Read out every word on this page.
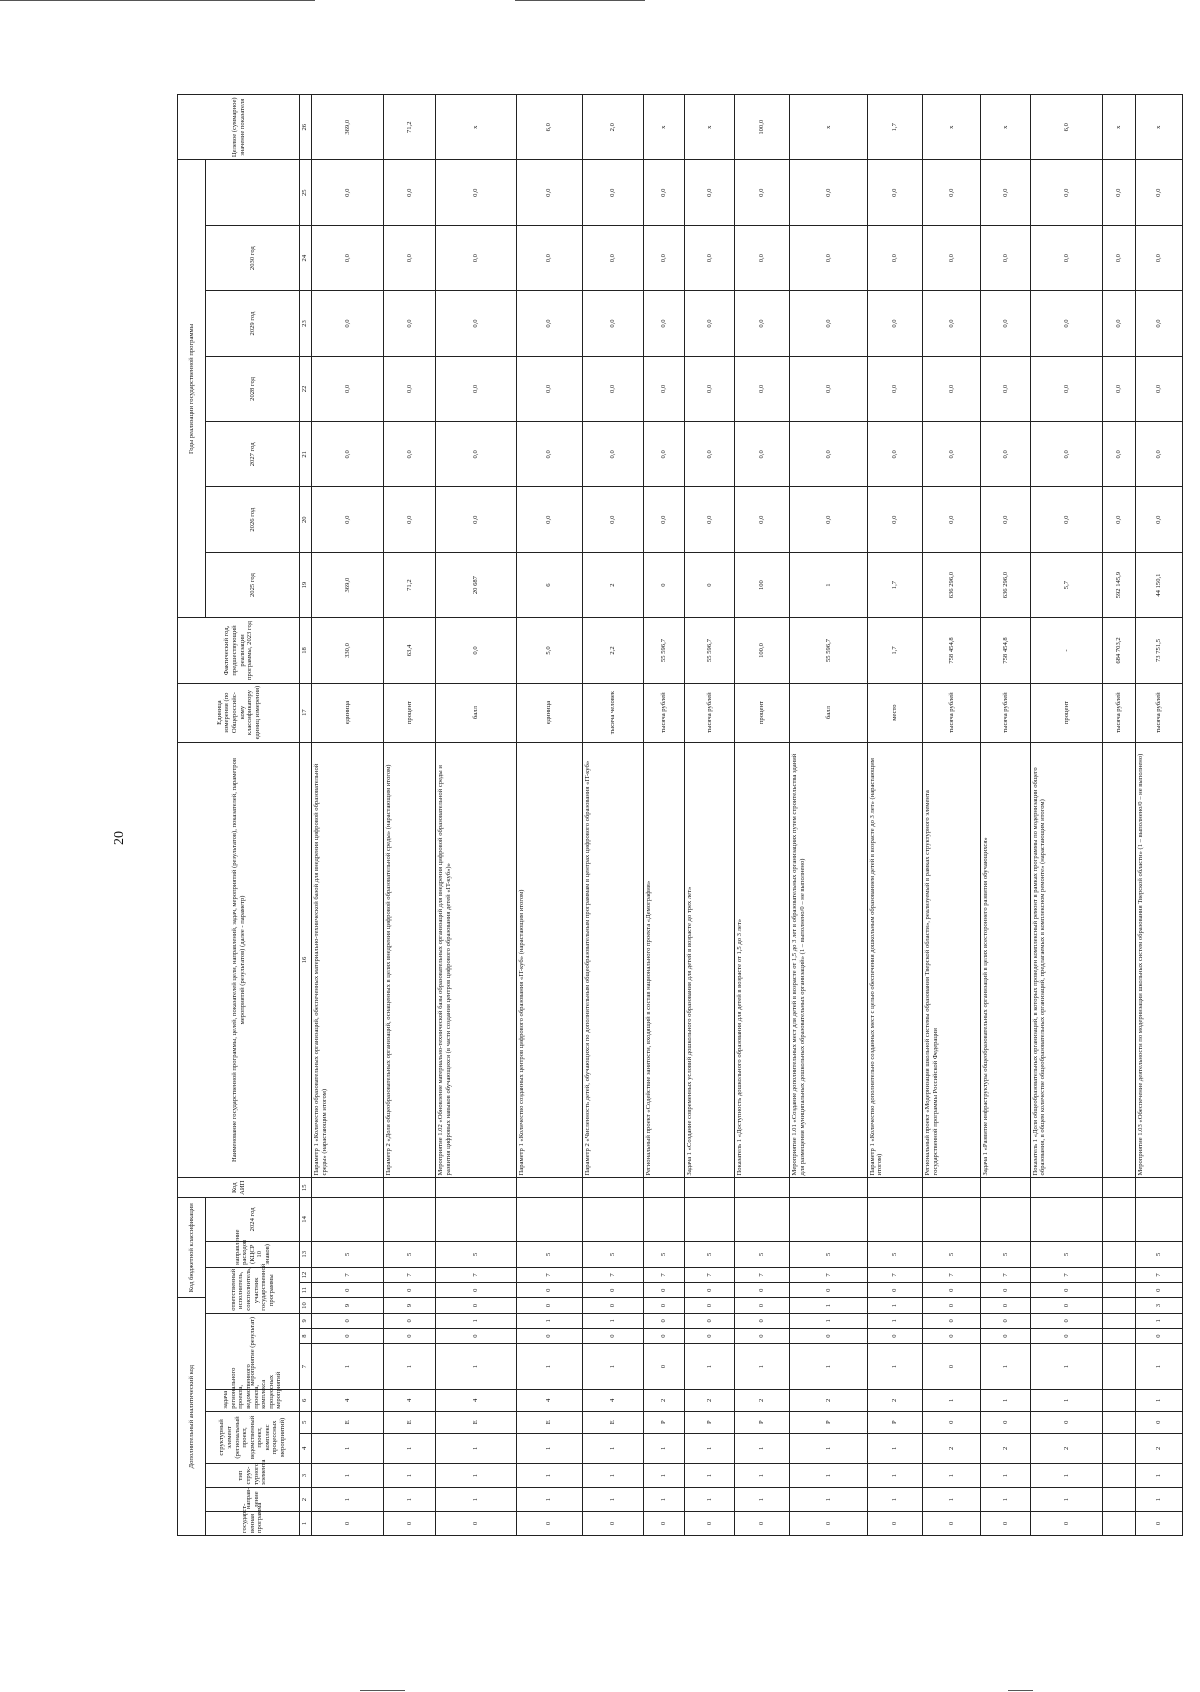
20
Дополнительный аналитический код										Код бюджетной классификации				Код АИП	Наименование государственной программы, целей, показателей цели, направлений, задач, мероприятий (результатов), показателей, параметров мероприятий (результатов) (далее - параметр)	Единица измерения (по Общероссийс-кому классификатору единиц измерения)	Фактический год, предшествующий реализации программы, 2023 год	Годы реализации государственной программы							Целевое (суммарное) значение показателя
государст-венная программа	направ-ление	тип струк-турного элемента	структурный элемент (региональный проект, ведомственный проект, комплекс процессных мероприятий)		задача регионального проекта, ведомственного проекта, комплекса процессных мероприятий	мероприятие (результат)			ответственный исполнитель, соисполнитель, участник государственной программы			направление расходов (КЦСР 10 знаков)	2024 год					2025 год	2026 год	2027 год	2028 год	2029 год	2030 год		

1	2	3	4	5	6	7	8	9	10	11	12	13	14	15	16	17	18	19	20	21	22	23	24	25	26
0	1	1	1	Е	4	1	0	0	9	0	7	5			Параметр 1 «Количество образовательных организаций, обеспеченных материально-технической базой для внедрения цифровой образовательной среды» (нарастающим итогом)	единица	330,0	369,0	0,0	0,0	0,0	0,0	0,0	0,0	369,0
0	1	1	1	Е	4	1	0	0	9	0	7	5			Параметр 2 «Доля общеобразовательных организаций, оснащенных в целях внедрения цифровой образовательной среды» (нарастающим итогом)	процент	63,4	71,2	0,0	0,0	0,0	0,0	0,0	0,0	71,2
0	1	1	1	Е	4	1	0	1	0	0	7	5			Мероприятие 1.02 «Обновление материально-технической базы образовательных организаций для внедрения цифровой образовательной среды и развития цифровых навыков обучающихся (в части создания центров цифрового образования детей «IT-куб»)»	балл	0,0	20 687	0,0	0,0	0,0	0,0	0,0	0,0	х
0	1	1	1	Е	4	1	0	1	0	0	7	5			Параметр 1 «Количество созданных центров цифрового образования «IT-куб» (нарастающим итогом)	единица	5,0	6	0,0	0,0	0,0	0,0	0,0	0,0	6,0
0	1	1	1	Е	4	1	0	1	0	0	7	5			Параметр 2 «Численность детей, обучающихся по дополнительным общеобразовательным программам в центрах цифрового образования «IT-куб»	тысяча человек	2,2	2	0,0	0,0	0,0	0,0	0,0	0,0	2,0
0	1	1	1	Р	2	0	0	0	0	0	7	5			Региональный проект «Содействие занятости, входящий в состав национального проекта «Демография»	тысяча рублей	55 596,7	0	0,0	0,0	0,0	0,0	0,0	0,0	х
0	1	1	1	Р	2	1	0	0	0	0	7	5			Задача 1 «Создание современных условий дошкольного образования для детей в возрасте до трех лет»	тысяча рублей	55 596,7	0	0,0	0,0	0,0	0,0	0,0	0,0	х
0	1	1	1	Р	2	1	0	0	0	0	7	5			Показатель 1 «Доступность дошкольного образования для детей в возрасте от 1,5 до 3 лет»	процент	100,0	100	0,0	0,0	0,0	0,0	0,0	0,0	100,0
0	1	1	1	Р	2	1	0	1	1	0	7	5			Мероприятие 1.01 «Создание дополнительных мест для детей в возрасте от 1,5 до 3 лет в образовательных организациях путем строительства зданий для размещения муниципальных дошкольных образовательных организаций» (1 – выполнено/0 – не выполнено)	балл	55 596,7	1	0,0	0,0	0,0	0,0	0,0	0,0	х
0	1	1	1	Р	2	1	0	1	1	0	7	5			Параметр 1 «Количество дополнительно созданных мест с целью обеспечения дошкольным образованием детей в возрасте до 3 лет» (нарастающим итогом)	место	1,7	1,7	0,0	0,0	0,0	0,0	0,0	0,0	1,7
0	1	1	2	0	1	0	0	0	0	0	7	5			Региональный проект «Модернизация школьной системы образования Тверской области», реализуемый в рамках структурного элемента государственной программы Российской Федерации	тысяча рублей	758 454,8	636 296,0	0,0	0,0	0,0	0,0	0,0	0,0	х
0	1	1	2	0	1	1	0	0	0	0	7	5			Задача 1 «Развитие инфраструктуры общеобразовательных организаций в целях всестороннего развития обучающихся»	тысяча рублей	758 454,8	636 296,0	0,0	0,0	0,0	0,0	0,0	0,0	х
0	1	1	2	0	1	1	0	0	0	0	7	5			Показатель 1 «Доля общеобразовательных организаций, в которых проведен комплексный ремонт в рамках программы по модернизации общего образования, в общем количестве общеобразовательных организаций, предлагаемых в комплексном ремонте» (нарастающим итогом)	процент	-	5,7	0,0	0,0	0,0	0,0	0,0	0,0	6,0
																тысяча рублей	684 703,2	592 145,9	0,0	0,0	0,0	0,0	0,0	0,0	х
0	1	1	2	0	1	1	0	1	3	0	7	5			Мероприятие 1.03 «Обеспечение деятельности по модернизации школьных систем образования Тверской области» (1 – выполнено/0 – не выполнено)	тысяча рублей	73 751,5	44 150,1	0,0	0,0	0,0	0,0	0,0	0,0	х
